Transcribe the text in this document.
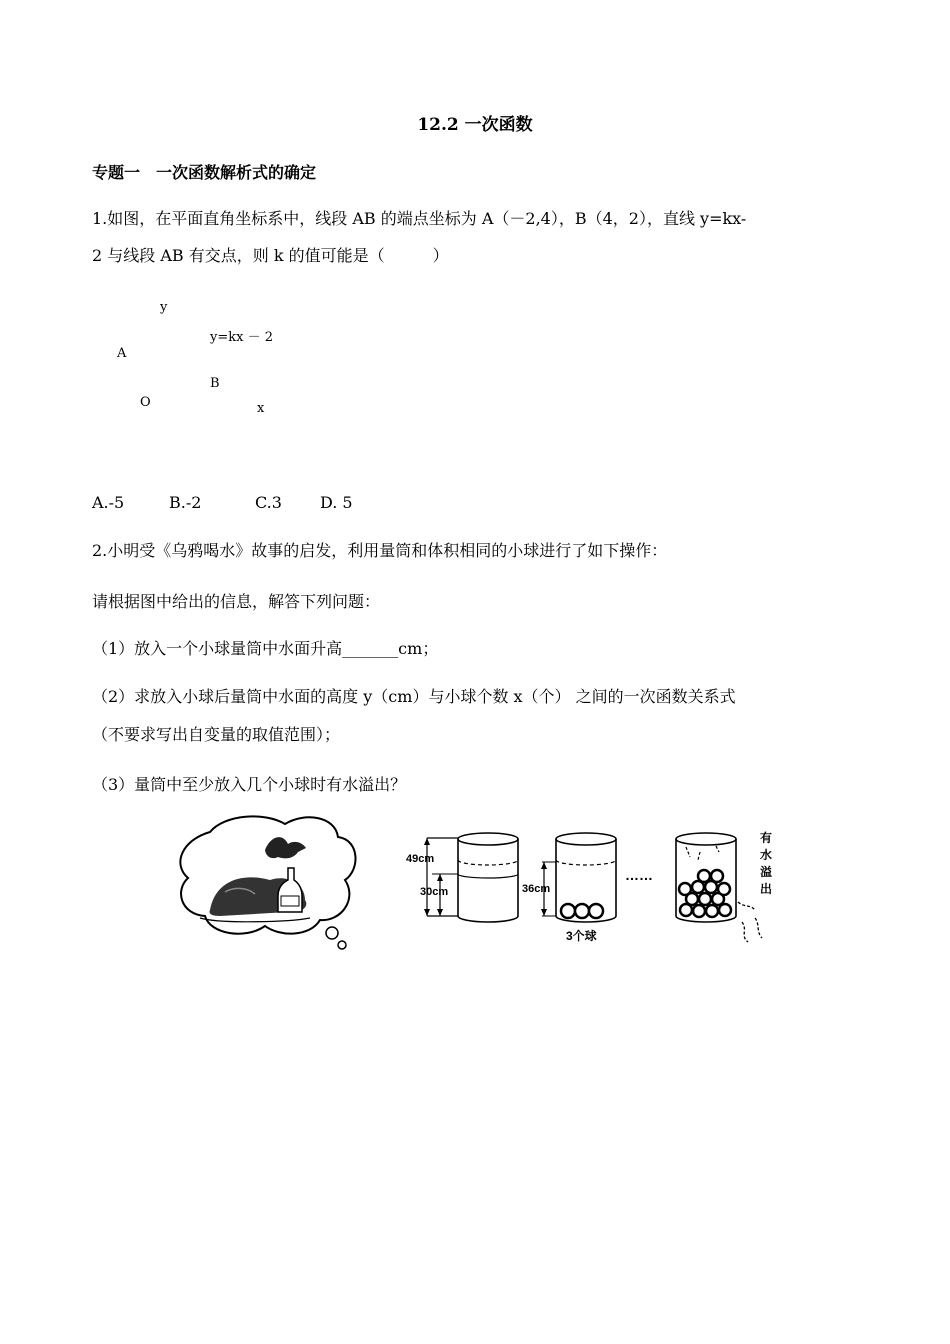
12.2 一次函数
专题一　一次函数解析式的确定
1.如图，在平面直角坐标系中，线段 AB 的端点坐标为 A（－2,4），B（4，2），直线 y=kx-
2 与线段 AB 有交点，则 k 的值可能是（　　　）
y
y=kx － 2
A
B
O	x
A.-5	B.-2	C.3 D. 5
2.小明受《乌鸦喝水》故事的启发，利用量筒和体积相同的小球进行了如下操作：
请根据图中给出的信息，解答下列问题：
（1）放入一个小球量筒中水面升高_______cm；
（2）求放入小球后量筒中水面的高度 y（cm）与小球个数 x（个） 之间的一次函数关系式
（不要求写出自变量的取值范围）；
（3）量筒中至少放入几个小球时有水溢出？
49cm
30cm	36cm
3个球
……
有
水
溢
出
